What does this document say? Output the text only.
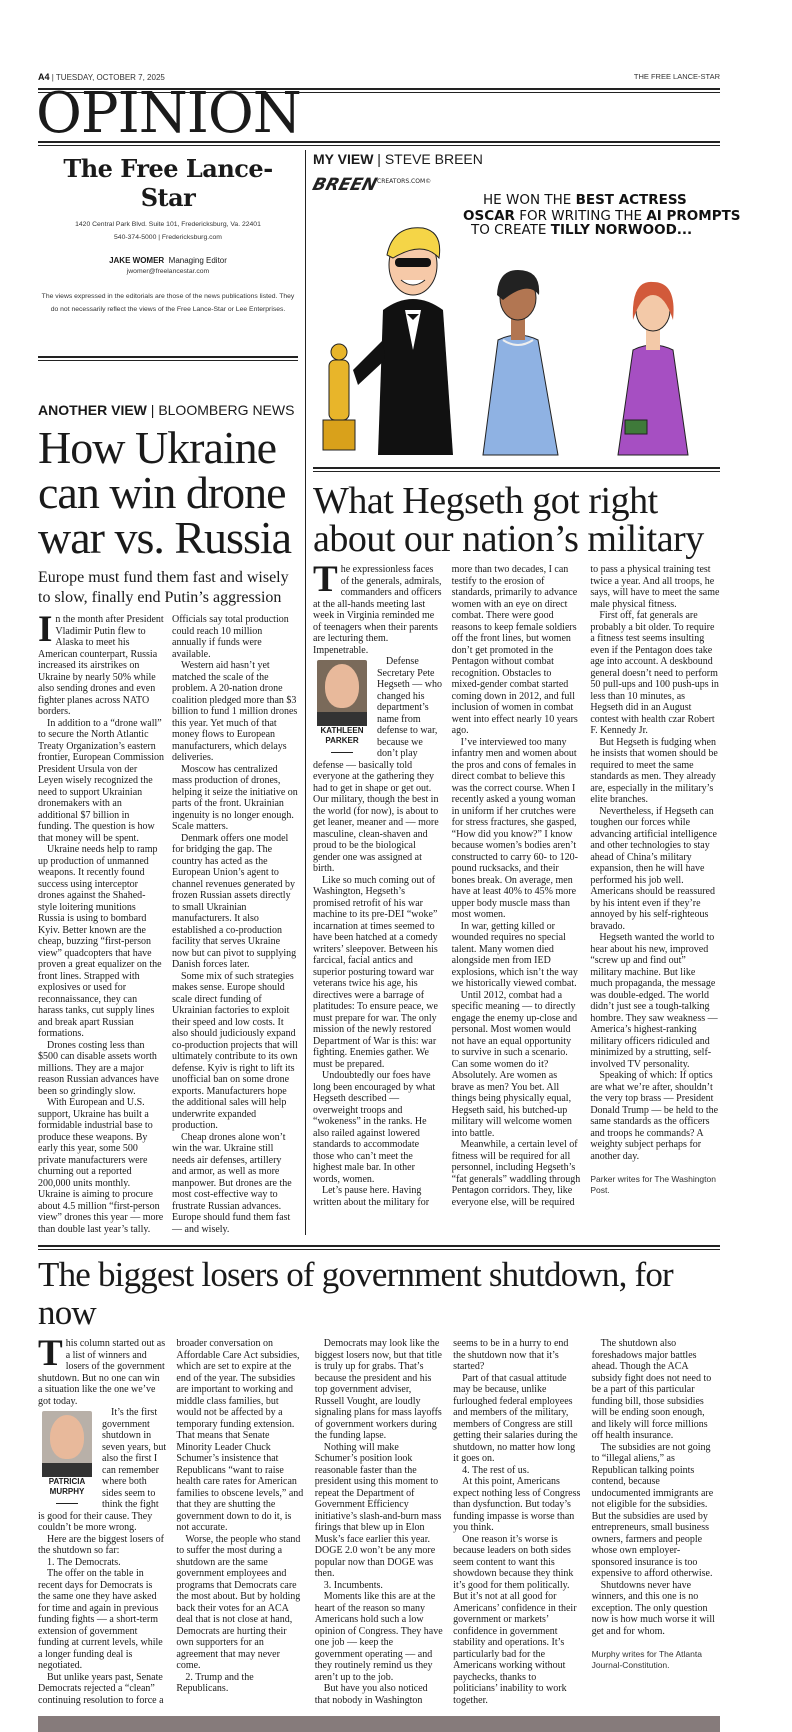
A4 | TUESDAY, OCTOBER 7, 2025	THE FREE LANCE-STAR
OPINION
The Free Lance-Star
1420 Central Park Blvd. Suite 101, Fredericksburg, Va. 22401
540-374-5000 | Fredericksburg.com
JAKE WOMER Managing Editor
jwomer@freelancestar.com
The views expressed in the editorials are those of the news publications listed. They do not necessarily reflect the views of the Free Lance-Star or Lee Enterprises.
ANOTHER VIEW | BLOOMBERG NEWS
How Ukraine can win drone war vs. Russia
Europe must fund them fast and wisely to slow, finally end Putin’s aggression

In the month after President Vladimir Putin flew to Alaska to meet his American counterpart, Russia increased its airstrikes on Ukraine by nearly 50% while also sending drones and even fighter planes across NATO borders.

In addition to a “drone wall” to secure the North Atlantic Treaty Organization’s eastern frontier, European Commission President Ursula von der Leyen wisely recognized the need to support Ukrainian dronemakers with an additional $7 billion in funding. The question is how that money will be spent.

Ukraine needs help to ramp up production of unmanned weapons. It recently found success using interceptor drones against the Shahed-style loitering munitions Russia is using to bombard Kyiv. Better known are the cheap, buzzing “first-person view” quadcopters that have proven a great equalizer on the front lines. Strapped with explosives or used for reconnaissance, they can harass tanks, cut supply lines and break apart Russian formations.

Drones costing less than $500 can disable assets worth millions. They are a major reason Russian advances have been so grindingly slow.

With European and U.S. support, Ukraine has built a formidable industrial base to produce these weapons. By early this year, some 500 private manufacturers were churning out a reported 200,000 units monthly. Ukraine is aiming to procure about 4.5 million “first-person view” drones this year — more than double last year’s tally. Officials say total production could reach 10 million annually if funds were available.

Western aid hasn’t yet matched the scale of the problem. A 20-nation drone coalition pledged more than $3 billion to fund 1 million drones this year. Yet much of that money flows to European manufacturers, which delays deliveries.

Moscow has centralized mass production of drones, helping it seize the initiative on parts of the front. Ukrainian ingenuity is no longer enough. Scale matters.

Denmark offers one model for bridging the gap. The country has acted as the European Union’s agent to channel revenues generated by frozen Russian assets directly to small Ukrainian manufacturers. It also established a co-production facility that serves Ukraine now but can pivot to supplying Danish forces later.

Some mix of such strategies makes sense. Europe should scale direct funding of Ukrainian factories to exploit their speed and low costs. It also should judiciously expand co-production projects that will ultimately contribute to its own defense. Kyiv is right to lift its unofficial ban on some drone exports. Manufacturers hope the additional sales will help underwrite expanded production.

Cheap drones alone won’t win the war. Ukraine still needs air defenses, artillery and armor, as well as more manpower. But drones are the most cost-effective way to frustrate Russian advances. Europe should fund them fast — and wisely.

MY VIEW | STEVE BREEN
BREEN
CREATORS.COM©
HE WON THE BEST ACTRESS
OSCAR FOR WRITING THE AI PROMPTS
TO CREATE TILLY NORWOOD...
What Hegseth got right about our nation’s military

The expressionless faces of the generals, admirals, commanders and officers at the all-hands meeting last week in Virginia reminded me of teenagers when their parents are lecturing them. Impenetrable.

KATHLEEN
PARKER

Defense Secretary Pete Hegseth — who changed his department’s name from defense to war, because we don’t play defense — basically told everyone at the gathering they had to get in shape or get out. Our military, though the best in the world (for now), is about to get leaner, meaner and — more masculine, clean-shaven and proud to be the biological gender one was assigned at birth.

Like so much coming out of Washington, Hegseth’s promised retrofit of his war machine to its pre-DEI “woke” incarnation at times seemed to have been hatched at a comedy writers’ sleepover. Between his farcical, facial antics and superior posturing toward war veterans twice his age, his directives were a barrage of platitudes: To ensure peace, we must prepare for war. The only mission of the newly restored Department of War is this: war fighting. Enemies gather. We must be prepared.

Undoubtedly our foes have long been encouraged by what Hegseth described — overweight troops and “wokeness” in the ranks. He also railed against lowered standards to accommodate those who can’t meet the highest male bar. In other words, women.

Let’s pause here. Having written about the military for more than two decades, I can testify to the erosion of standards, primarily to advance women with an eye on direct combat. There were good reasons to keep female soldiers off the front lines, but women don’t get promoted in the Pentagon without combat recognition. Obstacles to mixed-gender combat started coming down in 2012, and full inclusion of women in combat went into effect nearly 10 years ago.

I’ve interviewed too many infantry men and women about the pros and cons of females in direct combat to believe this was the correct course. When I recently asked a young woman in uniform if her crutches were for stress fractures, she gasped, “How did you know?” I know because women’s bodies aren’t constructed to carry 60- to 120-pound rucksacks, and their bones break. On average, men have at least 40% to 45% more upper body muscle mass than most women.

In war, getting killed or wounded requires no special talent. Many women died alongside men from IED explosions, which isn’t the way we historically viewed combat.

Until 2012, combat had a specific meaning — to directly engage the enemy up-close and personal. Most women would not have an equal opportunity to survive in such a scenario. Can some women do it? Absolutely. Are women as brave as men? You bet. All things being physically equal, Hegseth said, his butched-up military will welcome women into battle.

Meanwhile, a certain level of fitness will be required for all personnel, including Hegseth’s “fat generals” waddling through Pentagon corridors. They, like everyone else, will be required to pass a physical training test twice a year. And all troops, he says, will have to meet the same male physical fitness.

First off, fat generals are probably a bit older. To require a fitness test seems insulting even if the Pentagon does take age into account. A deskbound general doesn’t need to perform 50 pull-ups and 100 push-ups in less than 10 minutes, as Hegseth did in an August contest with health czar Robert F. Kennedy Jr.

But Hegseth is fudging when he insists that women should be required to meet the same standards as men. They already are, especially in the military’s elite branches.

Nevertheless, if Hegseth can toughen our forces while advancing artificial intelligence and other technologies to stay ahead of China’s military expansion, then he will have performed his job well. Americans should be reassured by his intent even if they’re annoyed by his self-righteous bravado.

Hegseth wanted the world to hear about his new, improved “screw up and find out” military machine. But like much propaganda, the message was double-edged. The world didn’t just see a tough-talking hombre. They saw weakness — America’s highest-ranking military officers ridiculed and minimized by a strutting, self-involved TV personality.

Speaking of which: If optics are what we’re after, shouldn’t the very top brass — President Donald Trump — be held to the same standards as the officers and troops he commands? A weighty subject perhaps for another day.

Parker writes for The Washington Post.

The biggest losers of government shutdown, for now

This column started out as a list of winners and losers of the government shutdown. But no one can win a situation like the one we’ve got today.

PATRICIA
MURPHY

It’s the first government shutdown in seven years, but also the first I can remember where both sides seem to think the fight is good for their cause. They couldn’t be more wrong.

Here are the biggest losers of the shutdown so far:

1. The Democrats.

The offer on the table in recent days for Democrats is the same one they have asked for time and again in previous funding fights — a short-term extension of government funding at current levels, while a longer funding deal is negotiated.

But unlike years past, Senate Democrats rejected a “clean” continuing resolution to force a broader conversation on Affordable Care Act subsidies, which are set to expire at the end of the year. The subsidies are important to working and middle class families, but would not be affected by a temporary funding extension. That means that Senate Minority Leader Chuck Schumer’s insistence that Republicans “want to raise health care rates for American families to obscene levels,” and that they are shutting the government down to do it, is not accurate.

Worse, the people who stand to suffer the most during a shutdown are the same government employees and programs that Democrats care the most about. But by holding back their votes for an ACA deal that is not close at hand, Democrats are hurting their own supporters for an agreement that may never come.

2. Trump and the Republicans.

Democrats may look like the biggest losers now, but that title is truly up for grabs. That’s because the president and his top government adviser, Russell Vought, are loudly signaling plans for mass layoffs of government workers during the funding lapse.

Nothing will make Schumer’s position look reasonable faster than the president using this moment to repeat the Department of Government Efficiency initiative’s slash-and-burn mass firings that blew up in Elon Musk’s face earlier this year. DOGE 2.0 won’t be any more popular now than DOGE was then.

3. Incumbents.

Moments like this are at the heart of the reason so many Americans hold such a low opinion of Congress. They have one job — keep the government operating — and they routinely remind us they aren’t up to the job.

But have you also noticed that nobody in Washington seems to be in a hurry to end the shutdown now that it’s started?

Part of that casual attitude may be because, unlike furloughed federal employees and members of the military, members of Congress are still getting their salaries during the shutdown, no matter how long it goes on.

4. The rest of us.

At this point, Americans expect nothing less of Congress than dysfunction. But today’s funding impasse is worse than you think.

One reason it’s worse is because leaders on both sides seem content to want this showdown because they think it’s good for them politically. But it’s not at all good for Americans’ confidence in their government or markets’ confidence in government stability and operations. It’s particularly bad for the Americans working without paychecks, thanks to politicians’ inability to work together.

The shutdown also foreshadows major battles ahead. Though the ACA subsidy fight does not need to be a part of this particular funding bill, those subsidies will be ending soon enough, and likely will force millions off health insurance.

The subsidies are not going to “illegal aliens,” as Republican talking points contend, because undocumented immigrants are not eligible for the subsidies. But the subsidies are used by entrepreneurs, small business owners, farmers and people whose own employer-sponsored insurance is too expensive to afford otherwise.

Shutdowns never have winners, and this one is no exception. The only question now is how much worse it will get and for whom.

Murphy writes for The Atlanta Journal-Constitution.
